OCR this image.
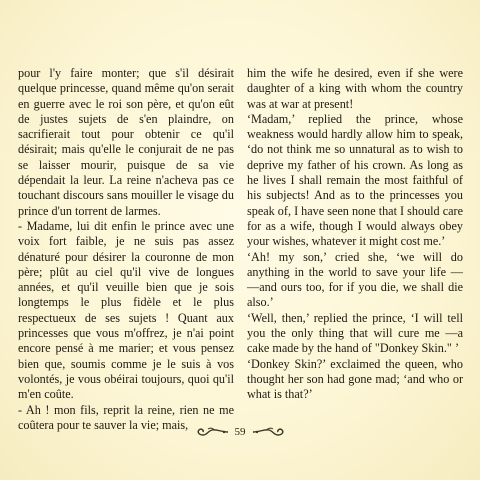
pour l'y faire monter; que s'il désirait quelque princesse, quand même qu'on serait en guerre avec le roi son père, et qu'on eût de justes sujets de s'en plaindre, on sacrifierait tout pour obtenir ce qu'il désirait; mais qu'elle le conjurait de ne pas se laisser mourir, puisque de sa vie dépendait la leur. La reine n'acheva pas ce touchant discours sans mouiller le visage du prince d'un torrent de larmes.

- Madame, lui dit enfin le prince avec une voix fort faible, je ne suis pas assez dénaturé pour désirer la couronne de mon père; plût au ciel qu'il vive de longues années, et qu'il veuille bien que je sois longtemps le plus fidèle et le plus respectueux de ses sujets ! Quant aux princesses que vous m'offrez, je n'ai point encore pensé à me marier; et vous pensez bien que, soumis comme je le suis à vos volontés, je vous obéirai toujours, quoi qu'il m'en coûte.

- Ah ! mon fils, reprit la reine, rien ne me coûtera pour te sauver la vie; mais,

him the wife he desired, even if she were daughter of a king with whom the country was at war at present!

‘Madam,’ replied the prince, whose weakness would hardly allow him to speak, ‘do not think me so unnatural as to wish to deprive my father of his crown. As long as he lives I shall remain the most faithful of his subjects! And as to the princesses you speak of, I have seen none that I should care for as a wife, though I would always obey your wishes, whatever it might cost me.’

‘Ah! my son,’ cried she, ‘we will do anything in the world to save your life — —and ours too, for if you die, we shall die also.’

‘Well, then,’ replied the prince, ‘I will tell you the only thing that will cure me —a cake made by the hand of "Donkey Skin." ’

‘Donkey Skin?’ exclaimed the queen, who thought her son had gone mad; ‘and who or what is that?’

59
